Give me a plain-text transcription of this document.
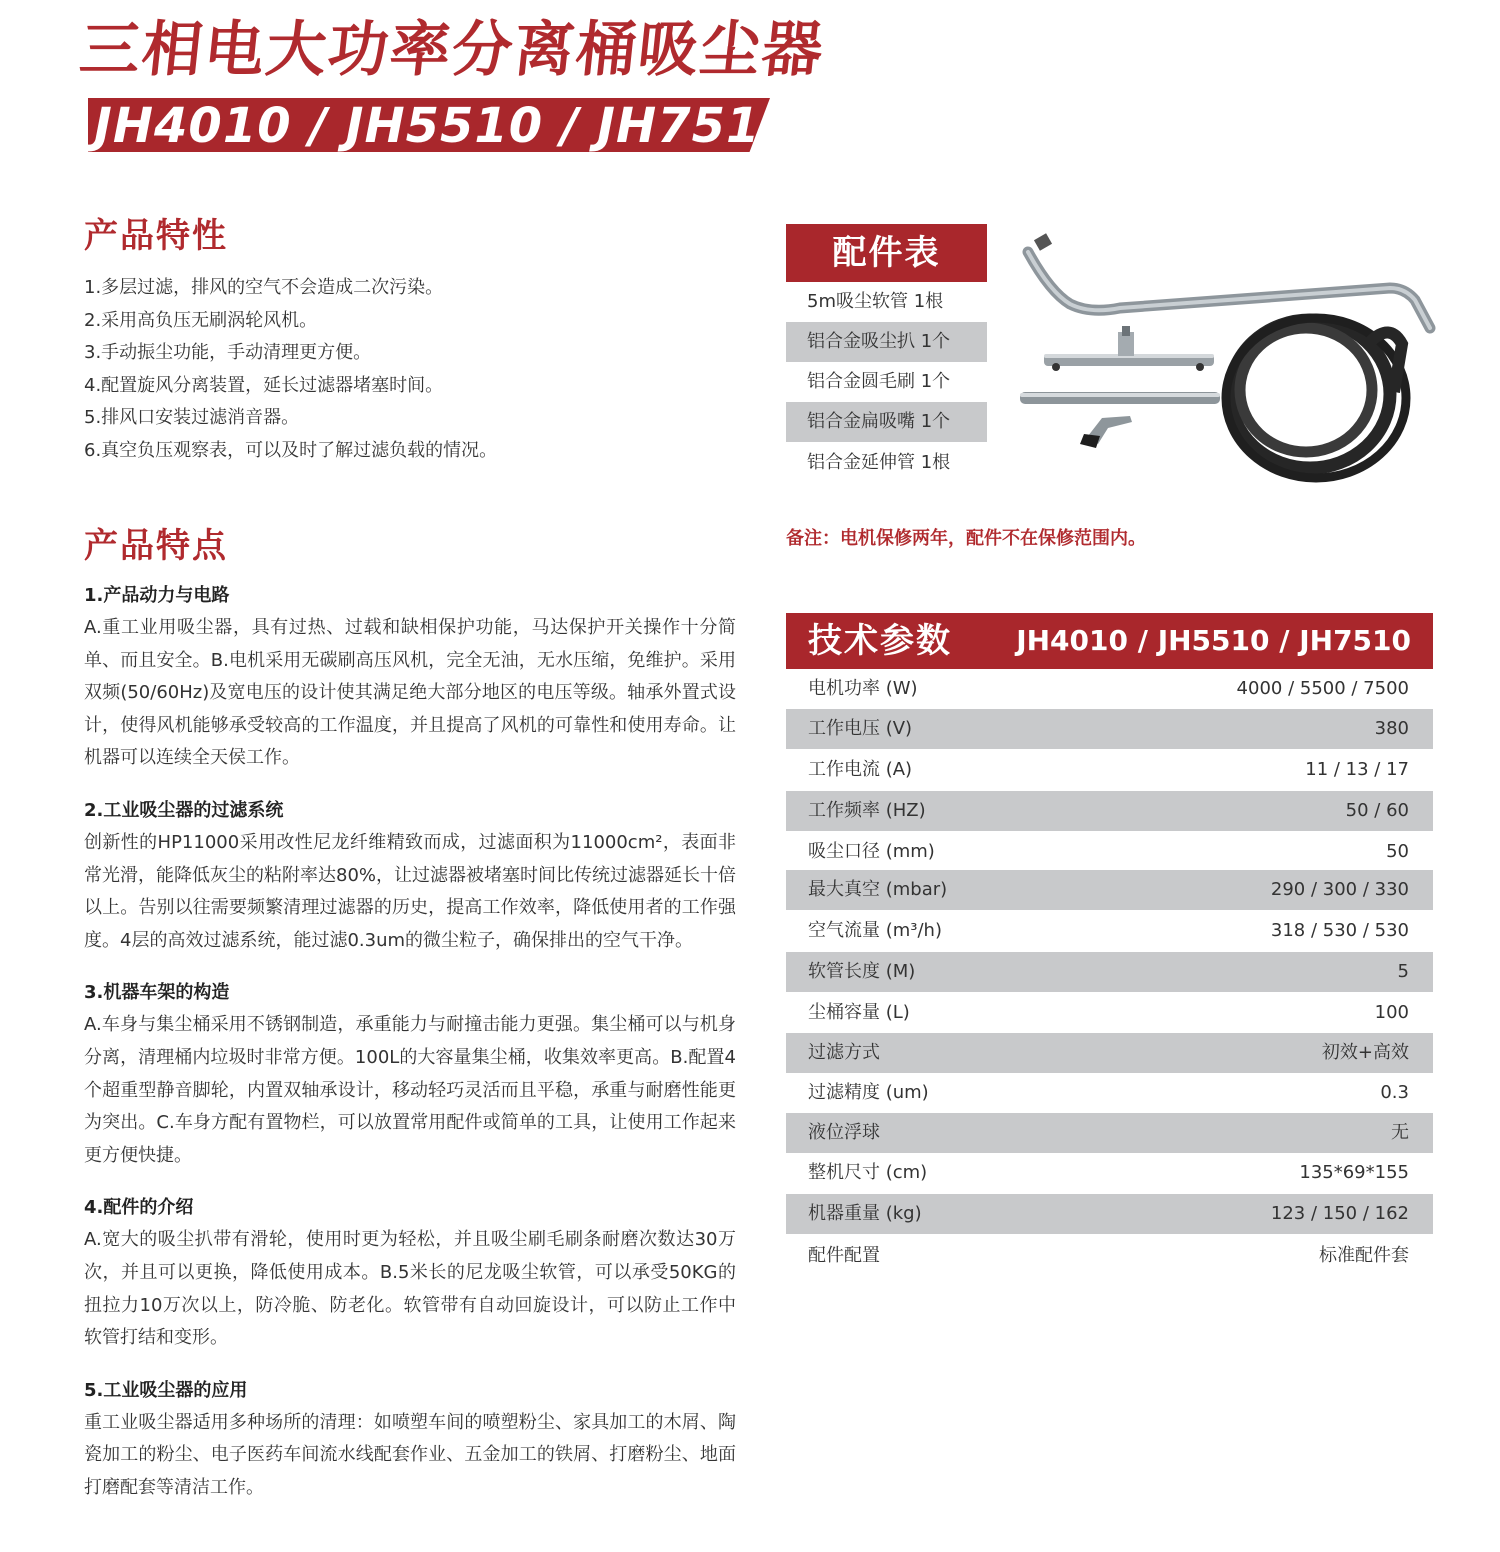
三相电大功率分离桶吸尘器
JH4010 / JH5510 / JH7510
产品特性
1.多层过滤，排风的空气不会造成二次污染。
2.采用高负压无刷涡轮风机。
3.手动振尘功能，手动清理更方便。
4.配置旋风分离装置，延长过滤器堵塞时间。
5.排风口安装过滤消音器。
6.真空负压观察表，可以及时了解过滤负载的情况。
产品特点
1.产品动力与电路

A.重工业用吸尘器，具有过热、过载和缺相保护功能，马达保护开关操作十分简单、而且安全。B.电机采用无碳刷高压风机，完全无油，无水压缩，免维护。采用双频(50/60Hz)及宽电压的设计使其满足绝大部分地区的电压等级。轴承外置式设计，使得风机能够承受较高的工作温度，并且提高了风机的可靠性和使用寿命。让机器可以连续全天侯工作。

2.工业吸尘器的过滤系统

创新性的HP11000采用改性尼龙纤维精致而成，过滤面积为11000cm²，表面非常光滑，能降低灰尘的粘附率达80%，让过滤器被堵塞时间比传统过滤器延长十倍以上。告别以往需要频繁清理过滤器的历史，提高工作效率，降低使用者的工作强度。4层的高效过滤系统，能过滤0.3um的微尘粒子，确保排出的空气干净。

3.机器车架的构造

A.车身与集尘桶采用不锈钢制造，承重能力与耐撞击能力更强。集尘桶可以与机身分离，清理桶内垃圾时非常方便。100L的大容量集尘桶，收集效率更高。B.配置4个超重型静音脚轮，内置双轴承设计，移动轻巧灵活而且平稳，承重与耐磨性能更为突出。C.车身方配有置物栏，可以放置常用配件或简单的工具，让使用工作起来更方便快捷。

4.配件的介绍

A.宽大的吸尘扒带有滑轮，使用时更为轻松，并且吸尘刷毛刷条耐磨次数达30万次，并且可以更换，降低使用成本。B.5米长的尼龙吸尘软管，可以承受50KG的扭拉力10万次以上，防冷脆、防老化。软管带有自动回旋设计，可以防止工作中软管打结和变形。

5.工业吸尘器的应用

重工业吸尘器适用多种场所的清理：如喷塑车间的喷塑粉尘、家具加工的木屑、陶瓷加工的粉尘、电子医药车间流水线配套作业、五金加工的铁屑、打磨粉尘、地面打磨配套等清洁工作。

配件表
5m吸尘软管 1根
铝合金吸尘扒 1个
铝合金圆毛刷 1个
铝合金扁吸嘴 1个
铝合金延伸管 1根
备注：电机保修两年，配件不在保修范围内。
技术参数 JH4010 / JH5510 / JH7510
电机功率 (W)	4000 / 5500 / 7500
工作电压 (V)	380
工作电流 (A)	11 / 13 / 17
工作频率 (HZ)	50 / 60
吸尘口径 (mm)	50
最大真空 (mbar)	290 / 300 / 330
空气流量 (m³/h)	318 / 530 / 530
软管长度 (M)	5
尘桶容量 (L)	100
过滤方式	初效+高效
过滤精度 (um)	0.3
液位浮球	无
整机尺寸 (cm)	135*69*155
机器重量 (kg)	123 / 150 / 162
配件配置	标准配件套
